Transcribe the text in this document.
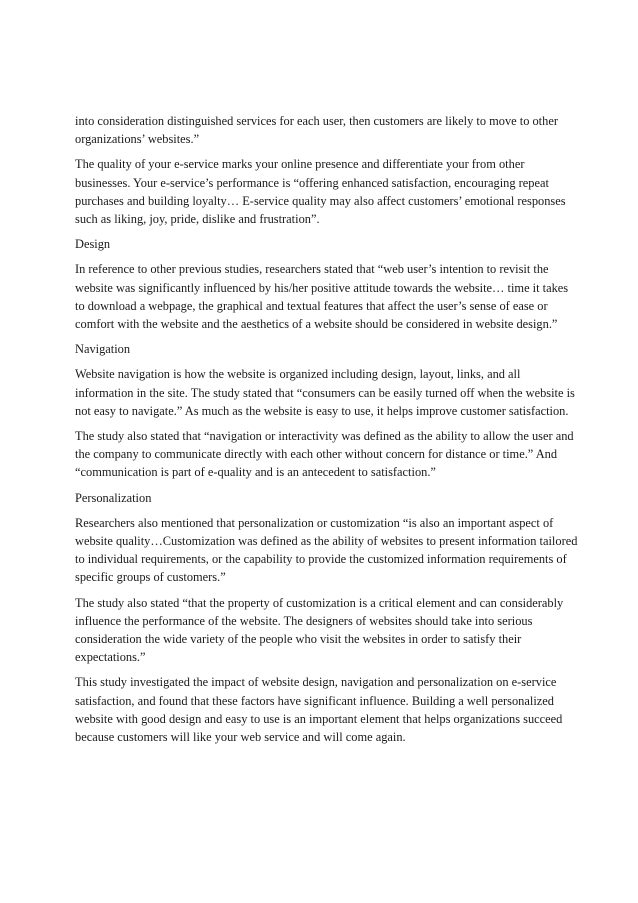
into consideration distinguished services for each user, then customers are likely to move to other organizations’ websites.”

The quality of your e-service marks your online presence and differentiate your from other businesses. Your e-service’s performance is “offering enhanced satisfaction, encouraging repeat purchases and building loyalty… E-service quality may also affect customers’ emotional responses such as liking, joy, pride, dislike and frustration”.

Design

In reference to other previous studies, researchers stated that “web user’s intention to revisit the website was significantly influenced by his/her positive attitude towards the website… time it takes to download a webpage, the graphical and textual features that affect the user’s sense of ease or comfort with the website and the aesthetics of a website should be considered in website design.”

Navigation

Website navigation is how the website is organized including design, layout, links, and all information in the site. The study stated that “consumers can be easily turned off when the website is not easy to navigate.” As much as the website is easy to use, it helps improve customer satisfaction.

The study also stated that “navigation or interactivity was defined as the ability to allow the user and the company to communicate directly with each other without concern for distance or time.” And “communication is part of e-quality and is an antecedent to satisfaction.”

Personalization

Researchers also mentioned that personalization or customization “is also an important aspect of website quality…Customization was defined as the ability of websites to present information tailored to individual requirements, or the capability to provide the customized information requirements of specific groups of customers.”

The study also stated “that the property of customization is a critical element and can considerably influence the performance of the website. The designers of websites should take into serious consideration the wide variety of the people who visit the websites in order to satisfy their expectations.”

This study investigated the impact of website design, navigation and personalization on e-service satisfaction, and found that these factors have significant influence. Building a well personalized website with good design and easy to use is an important element that helps organizations succeed because customers will like your web service and will come again.
